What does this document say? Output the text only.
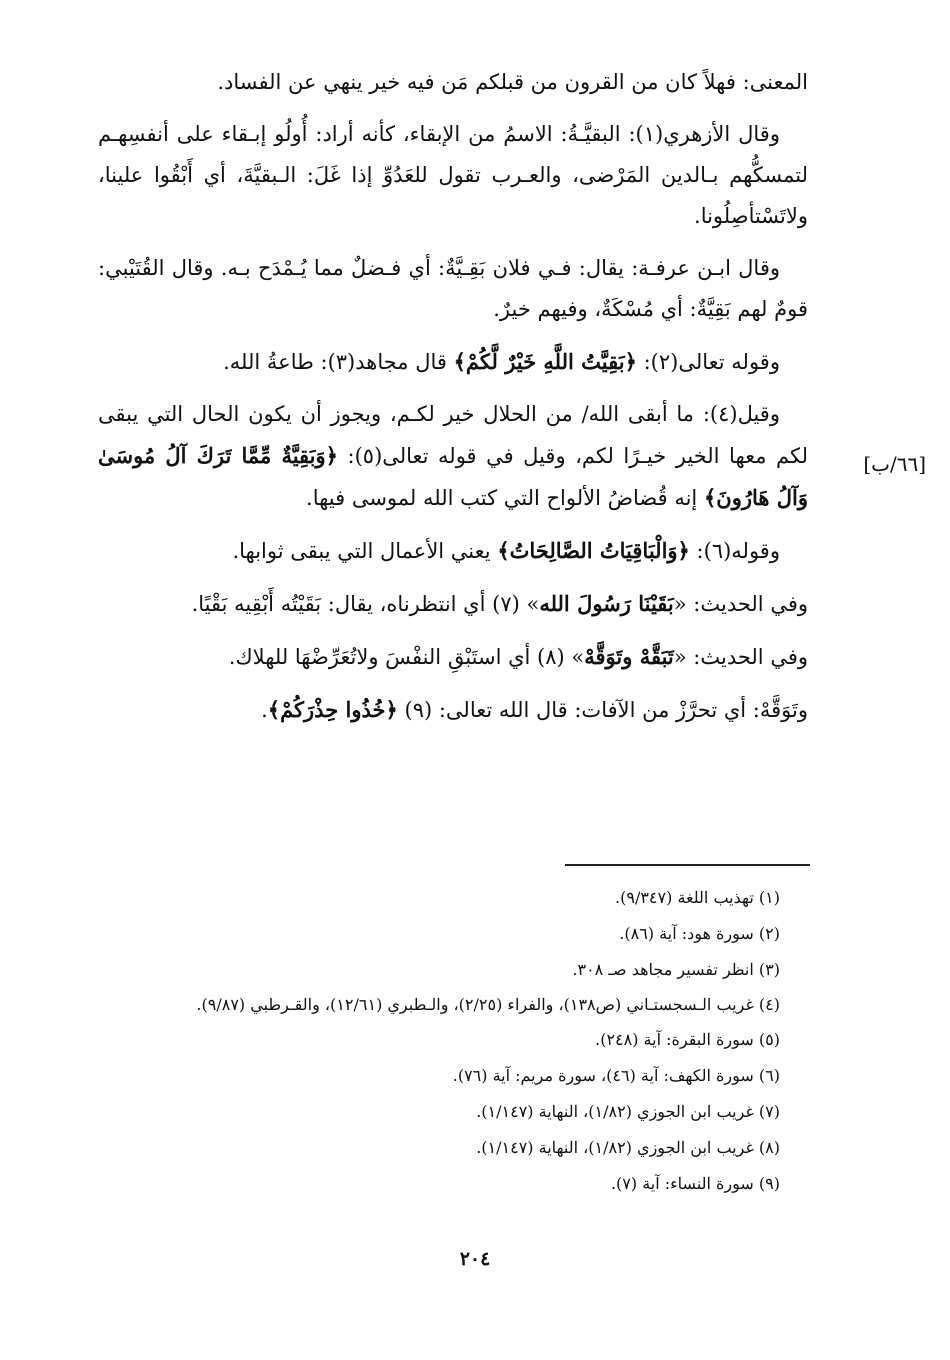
[٦٦/ب]

المعنى: فهلاً كان من القرون من قبلكم مَن فيه خير ينهي عن الفساد.

وقال الأزهري(١): البقيَّـةُ: الاسمُ من الإبقاء، كأنه أراد: أُولُو إبـقاء على أنفسِهـم لتمسكُّهم بـالدين المَرْضى، والعـرب تقول للعَدُوِّ إذا غَلَ: الـبقيَّةَ، أي أَبْقُوا علينا، ولاتَسْتأصِلُونا.

وقال ابـن عرفـة: يقال: فـي فلان بَقِـيَّةٌ: أي فـضلٌ مما يُـمْدَح بـه. وقال القُتَيْبي: قومٌ لهم بَقِيَّةٌ: أي مُسْكَةٌ، وفيهم خيرٌ.

وقوله تعالى(٢): ﴿بَقِيَّتُ اللَّهِ خَيْرٌ لَّكُمْ﴾ قال مجاهد(٣): طاعةُ الله.

وقيل(٤): ما أبقى الله/ من الحلال خير لكـم، ويجوز أن يكون الحال التي يبقى لكم معها الخير خيـرًا لكم، وقيل في قوله تعالى(٥): ﴿وَبَقِيَّةٌ مِّمَّا تَرَكَ آلُ مُوسَىٰ وَآلُ هَارُونَ﴾ إنه قُضاضُ الألواح التي كتب الله لموسى فيها.

وقوله(٦): ﴿وَالْبَاقِيَاتُ الصَّالِحَاتُ﴾ يعني الأعمال التي يبقى ثوابها.

وفي الحديث: «بَقَيْنَا رَسُولَ الله» (٧) أي انتظرناه، يقال: بَقَيْتُه أَبْقِيه بَقْيًا.

وفي الحديث: «تَبَقَّهْ وتَوَقَّهْ» (٨) أي استَبْقِ النفْسَ ولاتُعَرِّضْهَا للهلاك.

وتَوَقَّهْ: أي تحرَّزْ من الآفات: قال الله تعالى: (٩) ﴿خُذُوا حِذْرَكُمْ﴾.

(١) تهذيب اللغة (٩/٣٤٧).

(٢) سورة هود: آية (٨٦).

(٣) انظر تفسير مجاهد صـ ٣٠٨.

(٤) غريب الـسجستـاني (ص١٣٨)، والفراء (٢/٢٥)، والـطبري (١٢/٦١)، والقـرطبي (٩/٨٧).

(٥) سورة البقرة: آية (٢٤٨).

(٦) سورة الكهف: آية (٤٦)، سورة مريم: آية (٧٦).

(٧) غريب ابن الجوزي (١/٨٢)، النهاية (١/١٤٧).

(٨) غريب ابن الجوزي (١/٨٢)، النهاية (١/١٤٧).

(٩) سورة النساء: آية (٧).

٢٠٤
